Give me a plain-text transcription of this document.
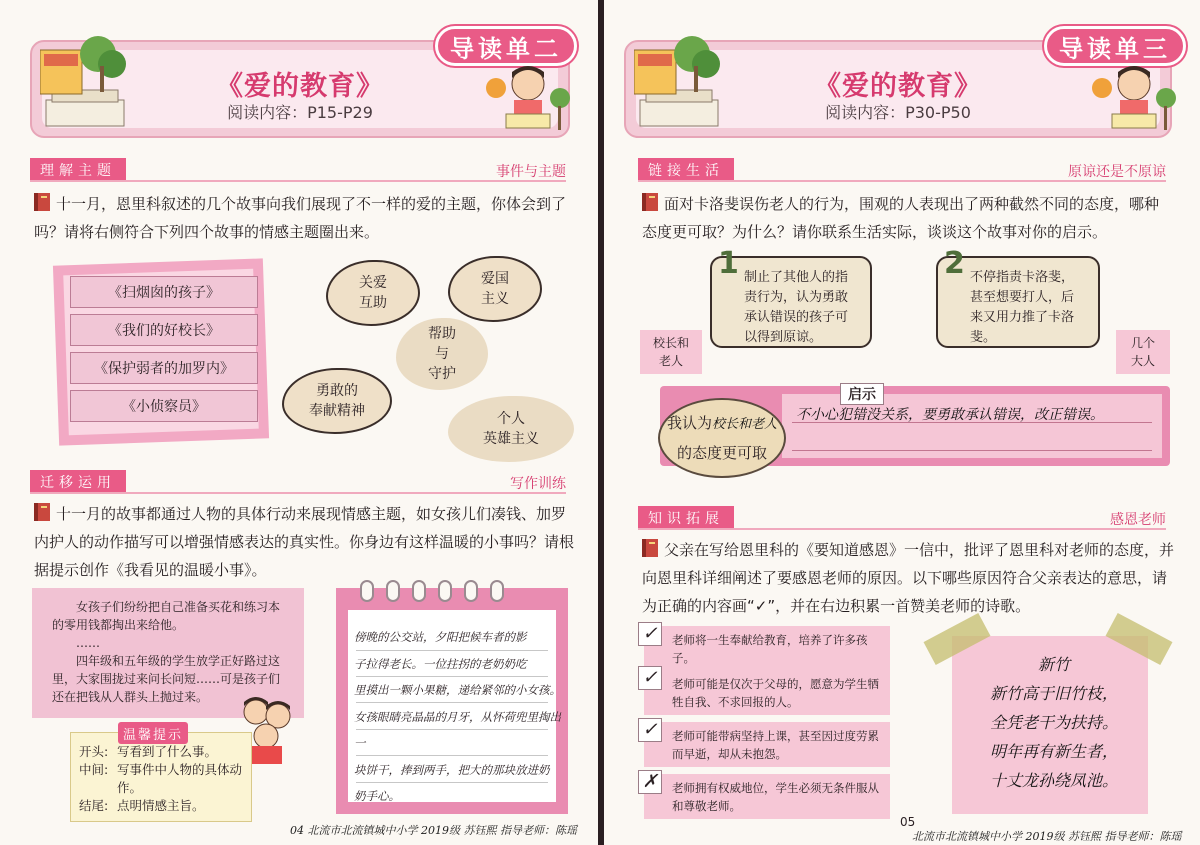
《爱的教育》
阅读内容：P15-P29
导读单二
理解主题	事件与主题
十一月，恩里科叙述的几个故事向我们展现了不一样的爱的主题，你体会到了吗？请将右侧符合下列四个故事的情感主题圈出来。
《扫烟囱的孩子》
《我们的好校长》
《保护弱者的加罗内》
《小侦察员》
关爱
互助
爱国
主义
帮助
与
守护
勇敢的
奉献精神	个人
英雄主义
迁移运用	写作训练
十一月的故事都通过人物的具体行动来展现情感主题，如女孩儿们凑钱、加罗内护人的动作描写可以增强情感表达的真实性。你身边有这样温暖的小事吗？请根据提示创作《我看见的温暖小事》。

女孩子们纷纷把自己准备买花和练习本的零用钱都掏出来给他。

……

四年级和五年级的学生放学正好路过这里，大家围拢过来问长问短……可是孩子们还在把钱从人群头上抛过来。

开头: 写看到了什么事。
中间: 写事件中人物的具体动作。
结尾: 点明情感主旨。
温馨提示
傍晚的公交站，夕阳把候车者的影
子拉得老长。一位拄拐的老奶奶吃
里摸出一颗小果糖，递给紧邻的小女孩。
女孩眼睛亮晶晶的月牙，从怀荷兜里掏出一
块饼干，捧到两手，把大的那块放进奶
奶手心。
04 北流市北流镇城中小学 2019级 苏钰熙 指导老师：陈瑶
《爱的教育》
阅读内容：P30-P50
导读单三
链接生活	原谅还是不原谅
面对卡洛斐误伤老人的行为，围观的人表现出了两种截然不同的态度，哪种态度更可取？为什么？请你联系生活实际，谈谈这个故事对你的启示。
1 制止了其他人的指责行为，认为勇敢承认错误的孩子可以得到原谅。
校长和老人
2 不停指责卡洛斐，甚至想要打人，后来又用力推了卡洛斐。	几个大人
我认为校长和老人
的态度更可取
启示
不小心犯错没关系，要勇敢承认错误，改正错误。
知识拓展	感恩老师
父亲在写给恩里科的《要知道感恩》一信中，批评了恩里科对老师的态度，并向恩里科详细阐述了要感恩老师的原因。以下哪些原因符合父亲表达的意思，请为正确的内容画“✓”，并在右边积累一首赞美老师的诗歌。
✓	老师将一生奉献给教育，培养了许多孩子。
✓	老师可能是仅次于父母的，愿意为学生牺牲自我、不求回报的人。
✓	老师可能带病坚持上课，甚至因过度劳累而早逝，却从未抱怨。
✗	老师拥有权威地位，学生必须无条件服从和尊敬老师。
新竹
新竹高于旧竹枝，
全凭老干为扶持。
明年再有新生者，
十丈龙孙绕凤池。
05
北流市北流镇城中小学 2019级 苏钰熙 指导老师：陈瑶
